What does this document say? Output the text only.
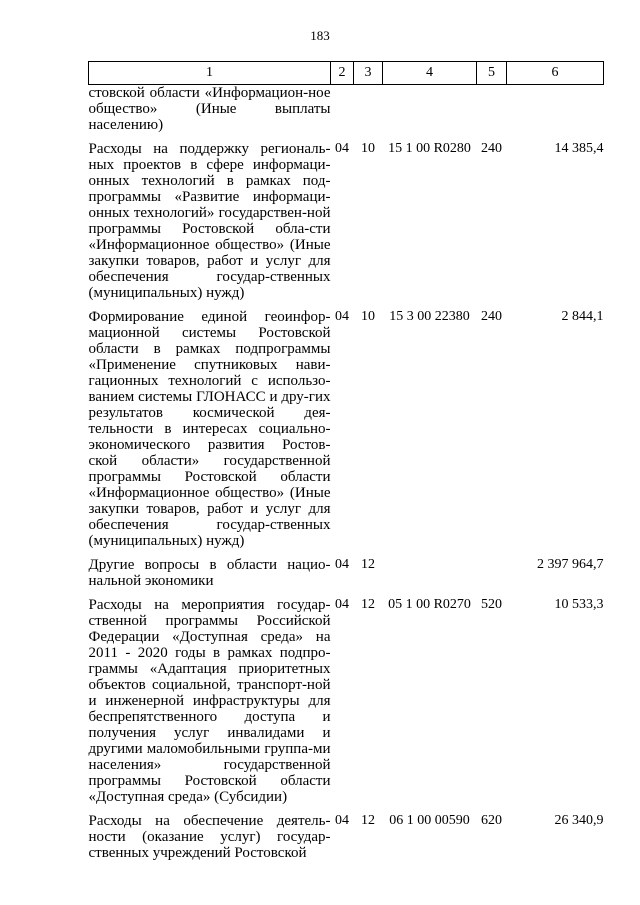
183
1	2	3	4	5	6
стовской области «Информацион-ное общество» (Иные выплаты населению)					

Расходы на поддержку региональ-ных проектов в сфере информаци-онных технологий в рамках под-программы «Развитие информаци-онных технологий» государствен-ной программы Ростовской обла-сти «Информационное общество» (Иные закупки товаров, работ и услуг для обеспечения государ-ственных (муниципальных) нужд)	04	10	15 1 00 R0280	240	14 385,4

Формирование единой геоинфор-мационной системы Ростовской области в рамках подпрограммы «Применение спутниковых нави-гационных технологий с использо-ванием системы ГЛОНАСС и дру-гих результатов космической дея-тельности в интересах социально-экономического развития Ростов-ской области» государственной программы Ростовской области «Информационное общество» (Иные закупки товаров, работ и услуг для обеспечения государ-ственных (муниципальных) нужд)	04	10	15 3 00 22380	240	2 844,1

Другие вопросы в области нацио-нальной экономики	04	12			2 397 964,7

Расходы на мероприятия государ-ственной программы Российской Федерации «Доступная среда» на 2011 - 2020 годы в рамках подпро-граммы «Адаптация приоритетных объектов социальной, транспорт-ной и инженерной инфраструктуры для беспрепятственного доступа и получения услуг инвалидами и другими маломобильными группа-ми населения» государственной программы Ростовской области «Доступная среда» (Субсидии)	04	12	05 1 00 R0270	520	10 533,3

Расходы на обеспечение деятель-ности (оказание услуг) государ-ственных учреждений Ростовской	04	12	06 1 00 00590	620	26 340,9
